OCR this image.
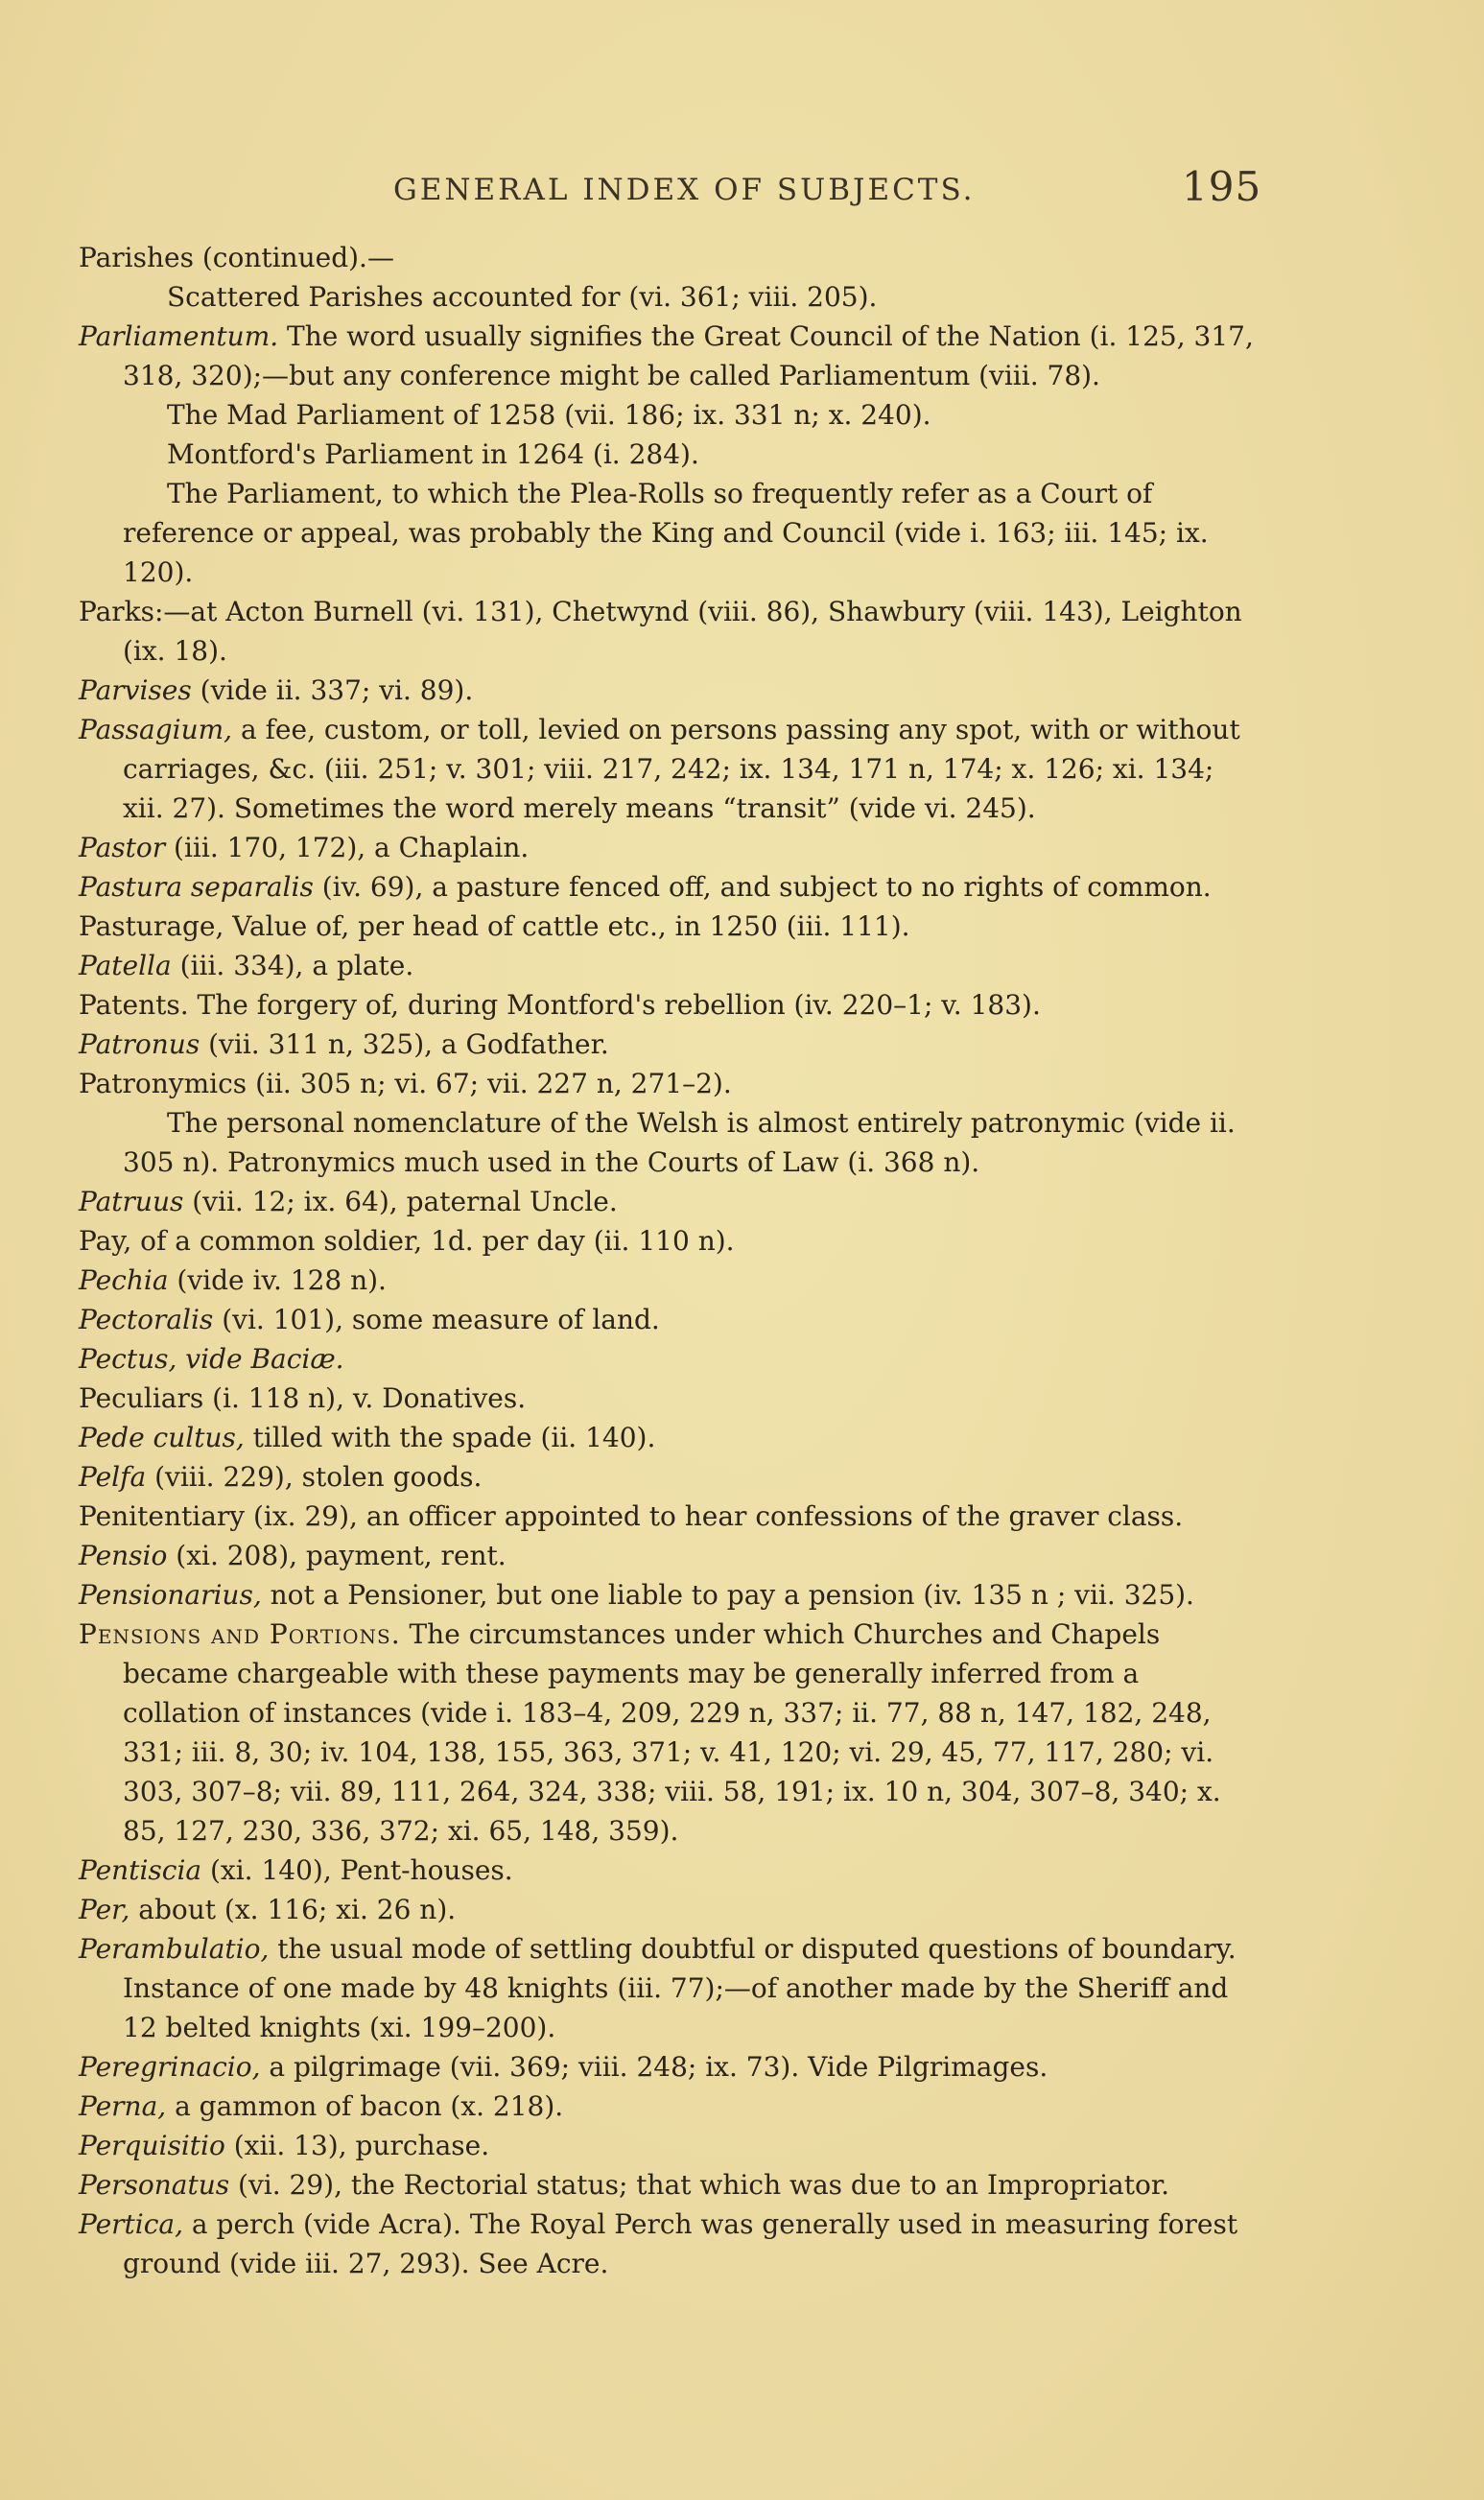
GENERAL INDEX OF SUBJECTS.	195

Parishes (continued).—

Scattered Parishes accounted for (vi. 361; viii. 205).

Parliamentum. The word usually signifies the Great Council of the Nation (i. 125, 317, 318, 320);—but any conference might be called Parliamentum (viii. 78).

The Mad Parliament of 1258 (vii. 186; ix. 331 n; x. 240).

Montford's Parliament in 1264 (i. 284).

The Parliament, to which the Plea-Rolls so frequently refer as a Court of reference or appeal, was probably the King and Council (vide i. 163; iii. 145; ix. 120).

Parks:—at Acton Burnell (vi. 131), Chetwynd (viii. 86), Shawbury (viii. 143), Leighton (ix. 18).

Parvises (vide ii. 337; vi. 89).

Passagium, a fee, custom, or toll, levied on persons passing any spot, with or without carriages, &c. (iii. 251; v. 301; viii. 217, 242; ix. 134, 171 n, 174; x. 126; xi. 134; xii. 27). Sometimes the word merely means “transit” (vide vi. 245).

Pastor (iii. 170, 172), a Chaplain.

Pastura separalis (iv. 69), a pasture fenced off, and subject to no rights of common.

Pasturage, Value of, per head of cattle etc., in 1250 (iii. 111).

Patella (iii. 334), a plate.

Patents. The forgery of, during Montford's rebellion (iv. 220–1; v. 183).

Patronus (vii. 311 n, 325), a Godfather.

Patronymics (ii. 305 n; vi. 67; vii. 227 n, 271–2).

The personal nomenclature of the Welsh is almost entirely patronymic (vide ii. 305 n). Patronymics much used in the Courts of Law (i. 368 n).

Patruus (vii. 12; ix. 64), paternal Uncle.

Pay, of a common soldier, 1d. per day (ii. 110 n).

Pechia (vide iv. 128 n).

Pectoralis (vi. 101), some measure of land.

Pectus, vide Baciæ.

Peculiars (i. 118 n), v. Donatives.

Pede cultus, tilled with the spade (ii. 140).

Pelfa (viii. 229), stolen goods.

Penitentiary (ix. 29), an officer appointed to hear confessions of the graver class.

Pensio (xi. 208), payment, rent.

Pensionarius, not a Pensioner, but one liable to pay a pension (iv. 135 n ; vii. 325).

Pensions and Portions. The circumstances under which Churches and Chapels became chargeable with these payments may be generally inferred from a collation of instances (vide i. 183–4, 209, 229 n, 337; ii. 77, 88 n, 147, 182, 248, 331; iii. 8, 30; iv. 104, 138, 155, 363, 371; v. 41, 120; vi. 29, 45, 77, 117, 280; vi. 303, 307–8; vii. 89, 111, 264, 324, 338; viii. 58, 191; ix. 10 n, 304, 307–8, 340; x. 85, 127, 230, 336, 372; xi. 65, 148, 359).

Pentiscia (xi. 140), Pent-houses.

Per, about (x. 116; xi. 26 n).

Perambulatio, the usual mode of settling doubtful or disputed questions of boundary. Instance of one made by 48 knights (iii. 77);—of another made by the Sheriff and 12 belted knights (xi. 199–200).

Peregrinacio, a pilgrimage (vii. 369; viii. 248; ix. 73). Vide Pilgrimages.

Perna, a gammon of bacon (x. 218).

Perquisitio (xii. 13), purchase.

Personatus (vi. 29), the Rectorial status; that which was due to an Impropriator.

Pertica, a perch (vide Acra). The Royal Perch was generally used in measuring forest ground (vide iii. 27, 293). See Acre.
